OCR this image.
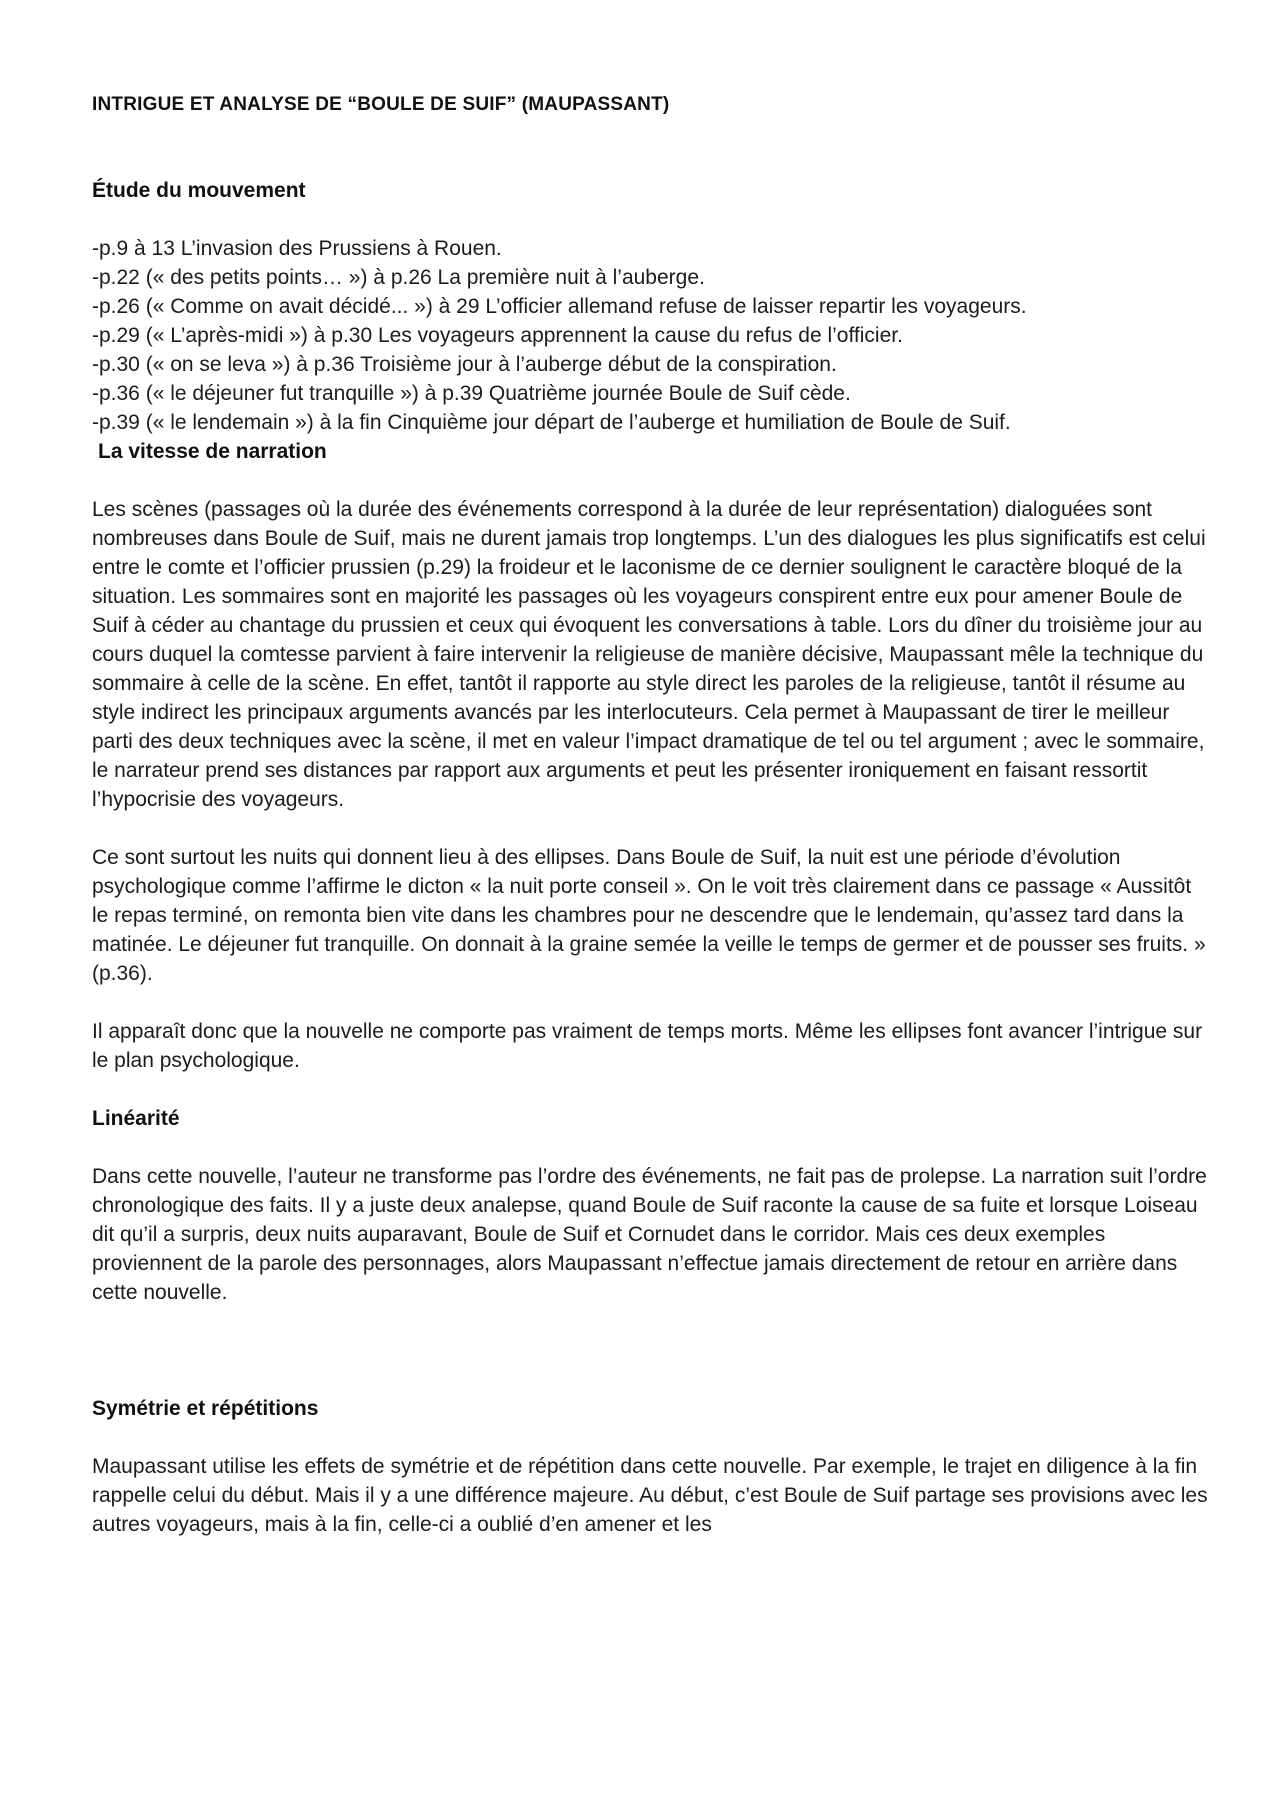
INTRIGUE ET ANALYSE DE “BOULE DE SUIF” (MAUPASSANT)
Étude du mouvement

-p.9 à 13 L’invasion des Prussiens à Rouen.

-p.22 (« des petits points… ») à p.26 La première nuit à l’auberge.

-p.26 (« Comme on avait décidé... ») à 29 L’officier allemand refuse de laisser repartir les voyageurs.

-p.29 (« L’après-midi ») à p.30 Les voyageurs apprennent la cause du refus de l’officier.

-p.30 (« on se leva ») à p.36 Troisième jour à l’auberge début de la conspiration.

-p.36 (« le déjeuner fut tranquille ») à p.39 Quatrième journée Boule de Suif cède.

-p.39 (« le lendemain ») à la fin Cinquième jour départ de l’auberge et humiliation de Boule de Suif.

La vitesse de narration

Les scènes (passages où la durée des événements correspond à la durée de leur représentation) dialoguées sont nombreuses dans Boule de Suif, mais ne durent jamais trop longtemps. L’un des dialogues les plus significatifs est celui entre le comte et l’officier prussien (p.29) la froideur et le laconisme de ce dernier soulignent le caractère bloqué de la situation. Les sommaires sont en majorité les passages où les voyageurs conspirent entre eux pour amener Boule de Suif à céder au chantage du prussien et ceux qui évoquent les conversations à table. Lors du dîner du troisième jour au cours duquel la comtesse parvient à faire intervenir la religieuse de manière décisive, Maupassant mêle la technique du sommaire à celle de la scène. En effet, tantôt il rapporte au style direct les paroles de la religieuse, tantôt il résume au style indirect les principaux arguments avancés par les interlocuteurs. Cela permet à Maupassant de tirer le meilleur parti des deux techniques avec la scène, il met en valeur l’impact dramatique de tel ou tel argument ; avec le sommaire, le narrateur prend ses distances par rapport aux arguments et peut les présenter ironiquement en faisant ressortit l’hypocrisie des voyageurs.

Ce sont surtout les nuits qui donnent lieu à des ellipses. Dans Boule de Suif, la nuit est une période d’évolution psychologique comme l’affirme le dicton « la nuit porte conseil ». On le voit très clairement dans ce passage « Aussitôt le repas terminé, on remonta bien vite dans les chambres pour ne descendre que le lendemain, qu’assez tard dans la matinée. Le déjeuner fut tranquille. On donnait à la graine semée la veille le temps de germer et de pousser ses fruits. » (p.36).

Il apparaît donc que la nouvelle ne comporte pas vraiment de temps morts. Même les ellipses font avancer l’intrigue sur le plan psychologique.

Linéarité

Dans cette nouvelle, l’auteur ne transforme pas l’ordre des événements, ne fait pas de prolepse. La narration suit l’ordre chronologique des faits. Il y a juste deux analepse, quand Boule de Suif raconte la cause de sa fuite et lorsque Loiseau dit qu’il a surpris, deux nuits auparavant, Boule de Suif et Cornudet dans le corridor. Mais ces deux exemples proviennent de la parole des personnages, alors Maupassant n’effectue jamais directement de retour en arrière dans cette nouvelle.

Symétrie et répétitions

Maupassant utilise les effets de symétrie et de répétition dans cette nouvelle. Par exemple, le trajet en diligence à la fin rappelle celui du début. Mais il y a une différence majeure. Au début, c’est Boule de Suif partage ses provisions avec les autres voyageurs, mais à la fin, celle-ci a oublié d’en amener et les
